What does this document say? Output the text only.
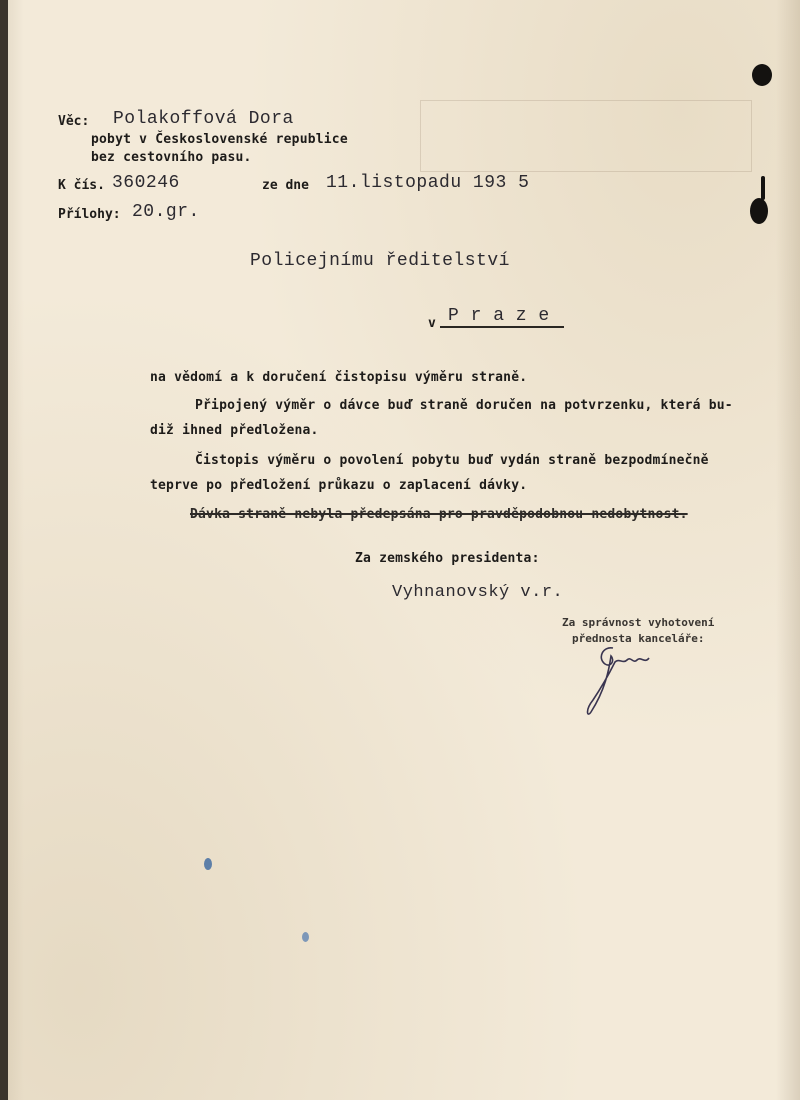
Věc: Polakoffová Dora
pobyt v Československé republice
bez cestovního pasu.
K čís. 360246	ze dne 11.listopadu 193 5
Přílohy: 20.gr.
Policejnímu ředitelství
v P r a z e
na vědomí a k doručení čistopisu výměru straně.
Připojený výměr o dávce buď straně doručen na potvrzenku, která bu-
diž ihned předložena.
Čistopis výměru o povolení pobytu buď vydán straně bezpodmínečně
teprve po předložení průkazu o zaplacení dávky.
Dávka straně nebyla předepsána pro pravděpodobnou nedobytnost.
Za zemského presidenta:
Vyhnanovský v.r.
Za správnost vyhotovení
přednosta kanceláře:
